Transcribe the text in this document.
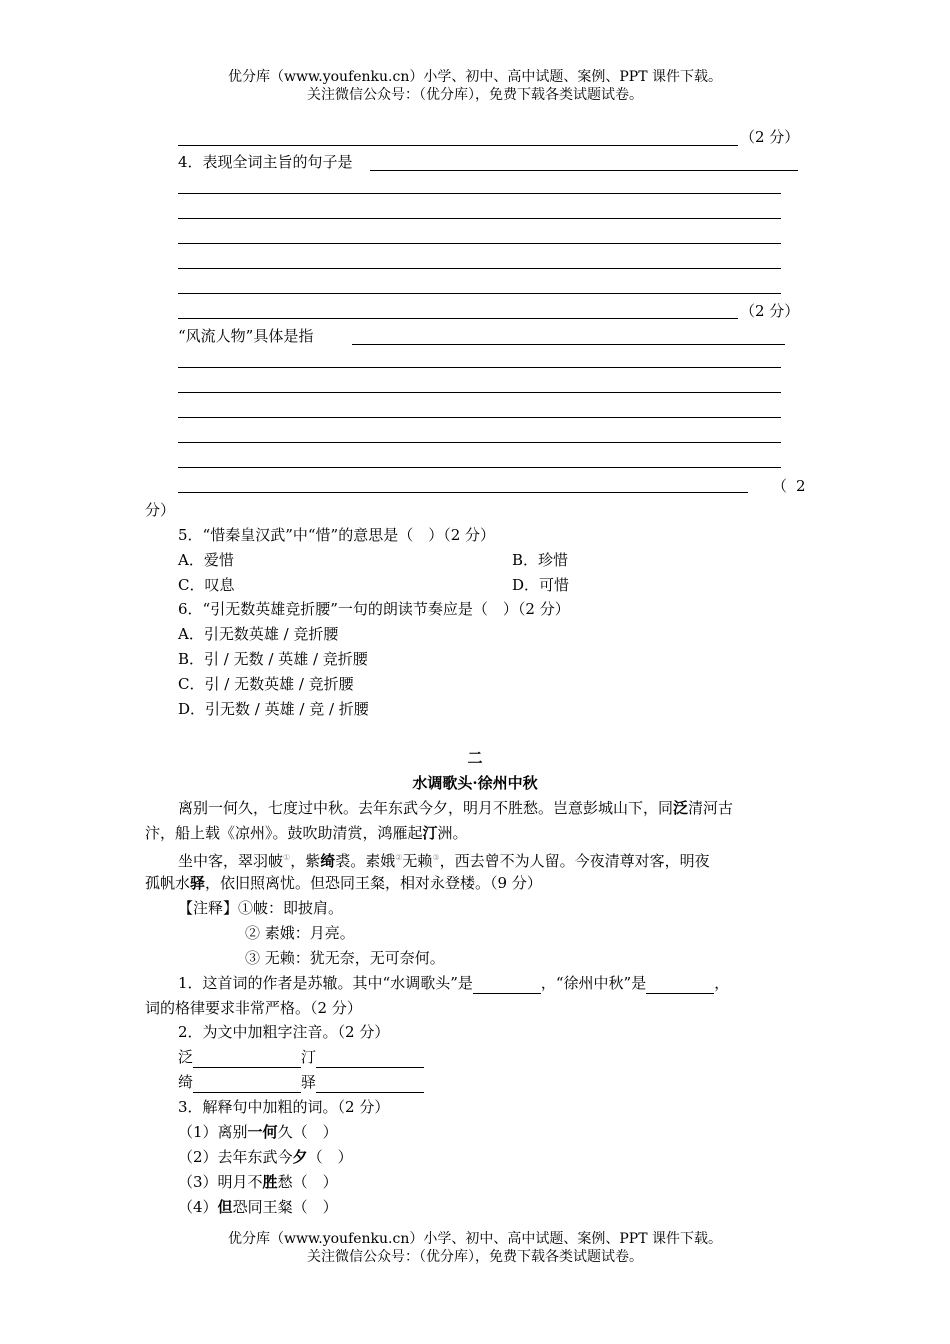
优分库（www.youfenku.cn）小学、初中、高中试题、案例、PPT 课件下载。
关注微信公众号：（优分库），免费下载各类试题试卷。
（2 分）
4．表现全词主旨的句子是
（2 分）
“风流人物”具体是指
（ 2
分）
5．“惜秦皇汉武”中“惜”的意思是（　）（2 分）
A．爱惜	B．珍惜
C．叹息	D．可惜
6．“引无数英雄竞折腰”一句的朗读节奏应是（　）（2 分）
A．引无数英雄 / 竞折腰
B．引 / 无数 / 英雄 / 竞折腰
C．引 / 无数英雄 / 竞折腰
D．引无数 / 英雄 / 竞 / 折腰
二
水调歌头·徐州中秋
离别一何久，七度过中秋。去年东武今夕，明月不胜愁。岂意彭城山下，同泛清河古
汴，船上载《凉州》。鼓吹助清赏，鸿雁起汀洲。
坐中客，翠羽帔①，紫绮裘。素娥②无赖③，西去曾不为人留。今夜清尊对客，明夜
孤帆水驿，依旧照离忧。但恐同王粲，相对永登楼。（9 分）
【注释】①帔：即披肩。
② 素娥：月亮。
③ 无赖：犹无奈，无可奈何。
1．这首词的作者是苏辙。其中“水调歌头”是	，“徐州中秋”是	，
词的格律要求非常严格。（2 分）
2．为文中加粗字注音。（2 分）
泛	汀
绮	驿
3．解释句中加粗的词。（2 分）
（1）离别一何久（　）
（2）去年东武今夕（　）
（3）明月不胜愁（　）
（4）但恐同王粲（　）
优分库（www.youfenku.cn）小学、初中、高中试题、案例、PPT 课件下载。
关注微信公众号：（优分库），免费下载各类试题试卷。
